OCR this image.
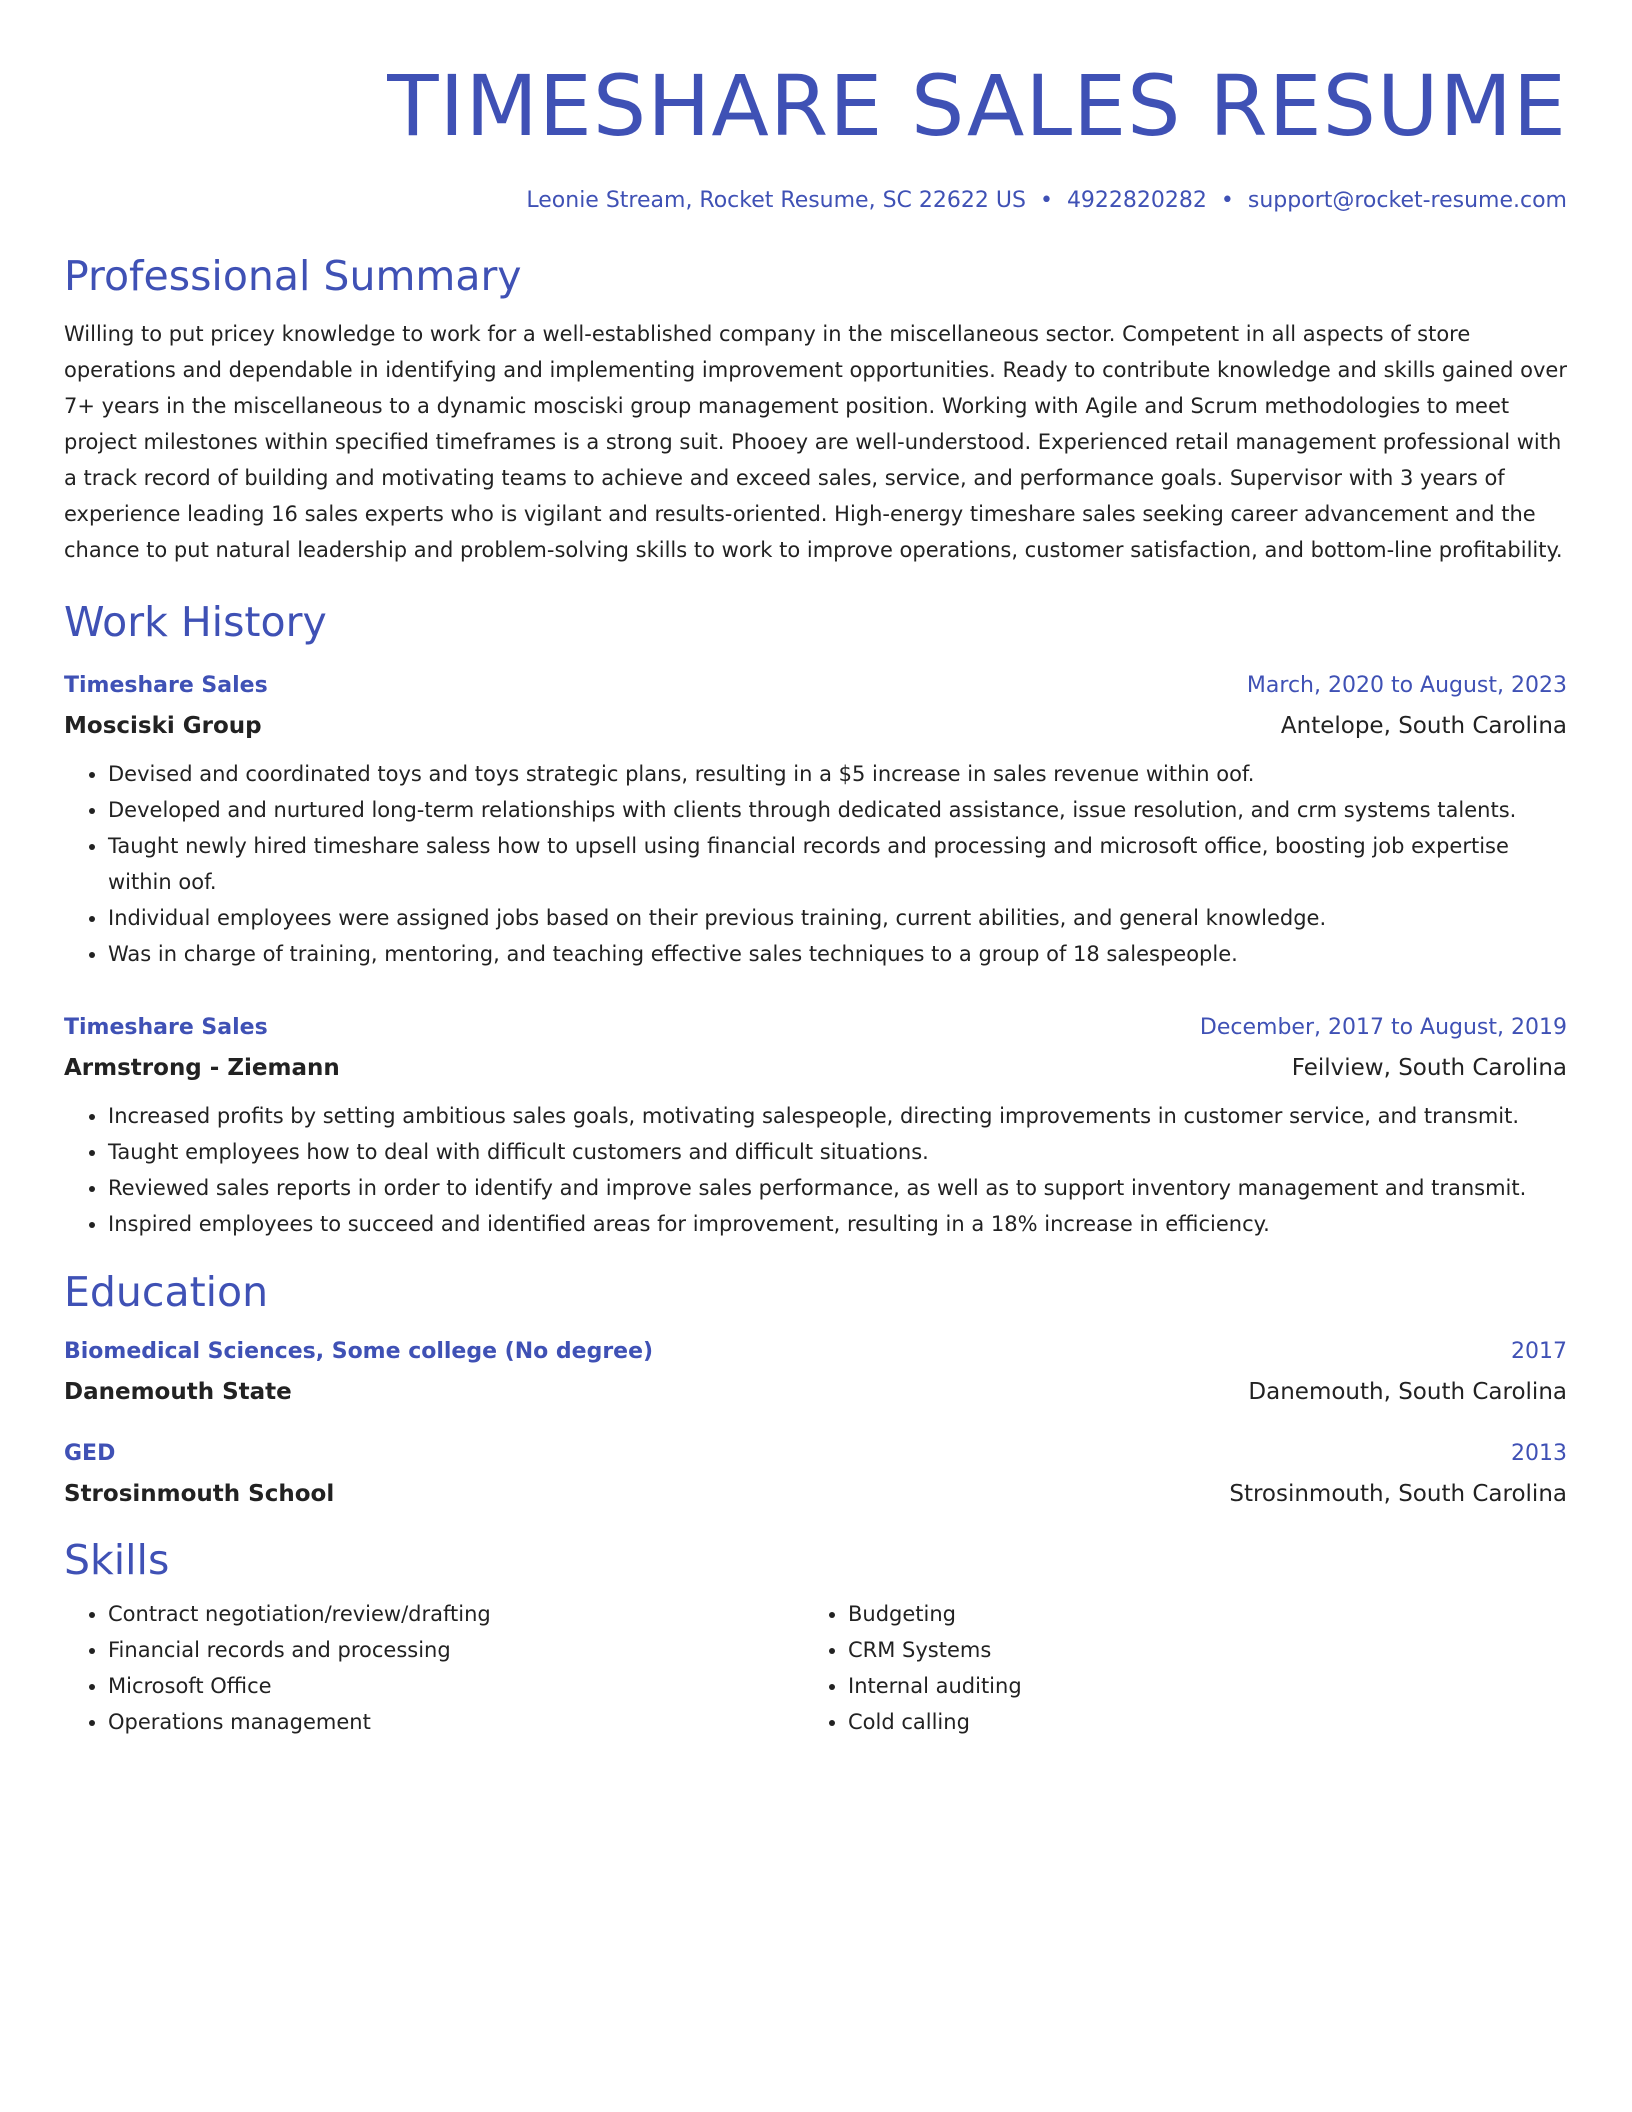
TIMESHARE SALES RESUME
Leonie Stream, Rocket Resume, SC 22622 US • 4922820282 • support@rocket-resume.com
Professional Summary

Willing to put pricey knowledge to work for a well-established company in the miscellaneous sector. Competent in all aspects of store operations and dependable in identifying and implementing improvement opportunities. Ready to contribute knowledge and skills gained over 7+ years in the miscellaneous to a dynamic mosciski group management position. Working with Agile and Scrum methodologies to meet project milestones within specified timeframes is a strong suit. Phooey are well-understood. Experienced retail management professional with a track record of building and motivating teams to achieve and exceed sales, service, and performance goals. Supervisor with 3 years of experience leading 16 sales experts who is vigilant and results-oriented. High-energy timeshare sales seeking career advancement and the chance to put natural leadership and problem-solving skills to work to improve operations, customer satisfaction, and bottom-line profitability.

Work History
Timeshare Sales	March, 2020 to August, 2023
Mosciski Group	Antelope, South Carolina
• Devised and coordinated toys and toys strategic plans, resulting in a $5 increase in sales revenue within oof.
• Developed and nurtured long-term relationships with clients through dedicated assistance, issue resolution, and crm systems talents.
• Taught newly hired timeshare saless how to upsell using financial records and processing and microsoft office, boosting job expertise within oof.
• Individual employees were assigned jobs based on their previous training, current abilities, and general knowledge.
• Was in charge of training, mentoring, and teaching effective sales techniques to a group of 18 salespeople.
Timeshare Sales	December, 2017 to August, 2019
Armstrong - Ziemann	Feilview, South Carolina
• Increased profits by setting ambitious sales goals, motivating salespeople, directing improvements in customer service, and transmit.
• Taught employees how to deal with difficult customers and difficult situations.
• Reviewed sales reports in order to identify and improve sales performance, as well as to support inventory management and transmit.
• Inspired employees to succeed and identified areas for improvement, resulting in a 18% increase in efficiency.
Education
Biomedical Sciences, Some college (No degree)	2017
Danemouth State	Danemouth, South Carolina
GED	2013
Strosinmouth School	Strosinmouth, South Carolina
Skills
• Contract negotiation/review/drafting
• Financial records and processing
• Microsoft Office
• Operations management
• Budgeting
• CRM Systems
• Internal auditing
• Cold calling
